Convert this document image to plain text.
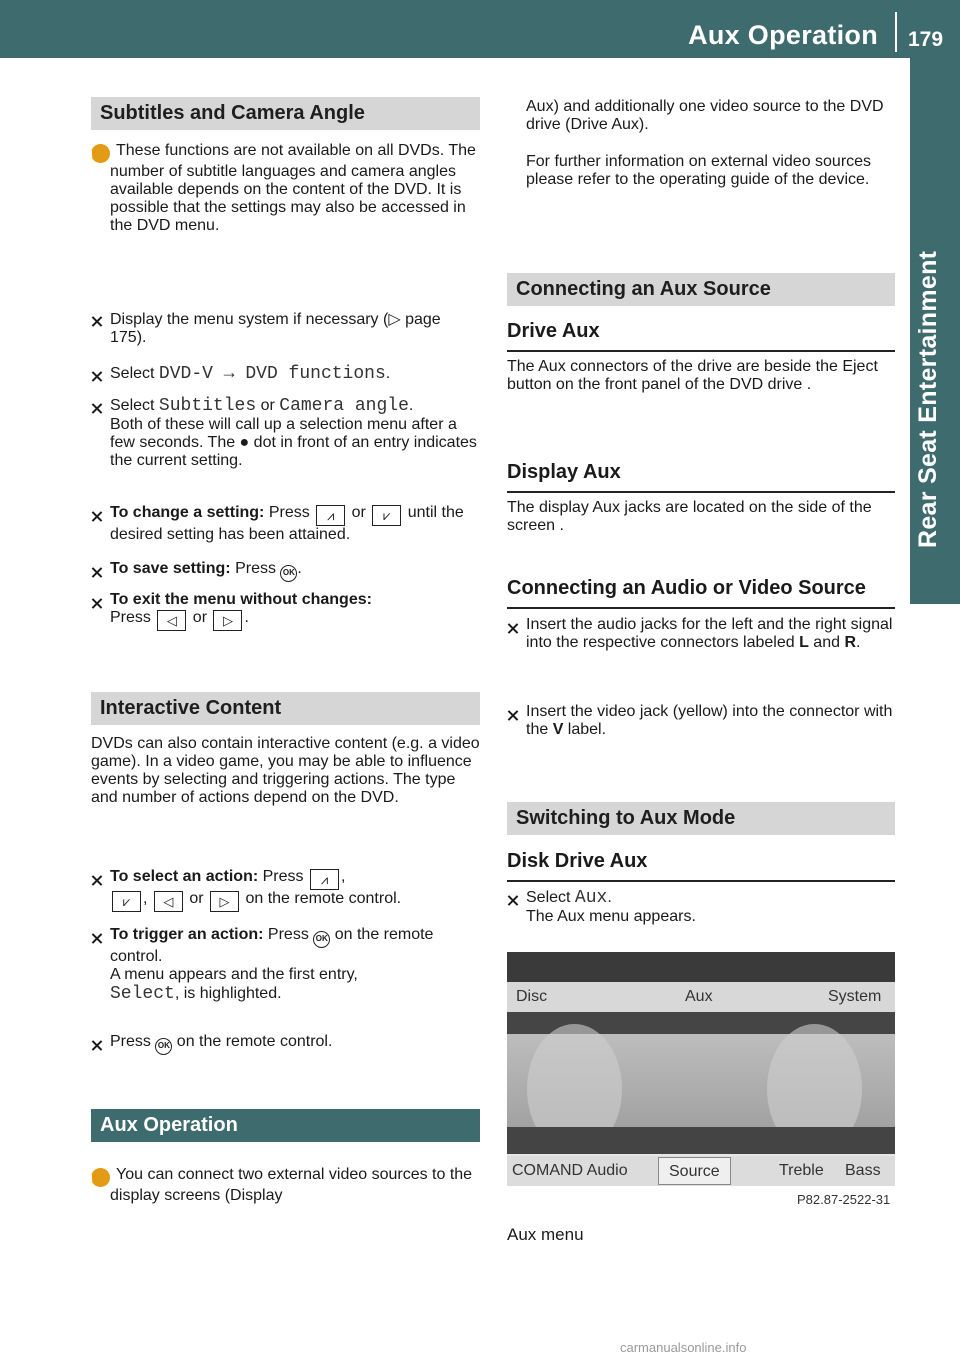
Aux Operation 179
Rear Seat Entertainment
Subtitles and Camera Angle
i These functions are not available on all DVDs. The number of subtitle languages and camera angles available depends on the content of the DVD. It is possible that the settings may also be accessed in the DVD menu.
Display the menu system if necessary (▷ page 175).
Select DVD-V → DVD functions.
Select Subtitles or Camera angle.
Both of these will call up a selection menu after a few seconds. The ● dot in front of an entry indicates the current setting.
To change a setting: Press ⩘ or ⩗ until the desired setting has been attained.
To save setting: Press OK .
To exit the menu without changes:
Press ◁ or ▷ .
Interactive Content
DVDs can also contain interactive content (e.g. a video game). In a video game, you may be able to influence events by selecting and triggering actions. The type and number of actions depend on the DVD.
To select an action: Press ⩘ ,
⩗ , ◁ or ▷ on the remote control.
To trigger an action: Press OK on the remote control.
A menu appears and the first entry,
Select, is highlighted.
Press OK on the remote control.
Aux Operation
i You can connect two external video sources to the display screens (Display
Aux) and additionally one video source to the DVD drive (Drive Aux).
For further information on external video sources please refer to the operating guide of the device.
Connecting an Aux Source
Drive Aux
The Aux connectors of the drive are beside the Eject button on the front panel of the DVD drive .
Display Aux
The display Aux jacks are located on the side of the screen .
Connecting an Audio or Video Source
Insert the audio jacks for the left and the right signal into the respective connectors labeled L and R.
Insert the video jack (yellow) into the connector with the V label.
Switching to Aux Mode
Disk Drive Aux
Select Aux.
The Aux menu appears.
Disc	Aux	System
COMAND Audio	Source	Treble Bass
P82.87-2522-31
Aux menu
carmanualsonline.info
